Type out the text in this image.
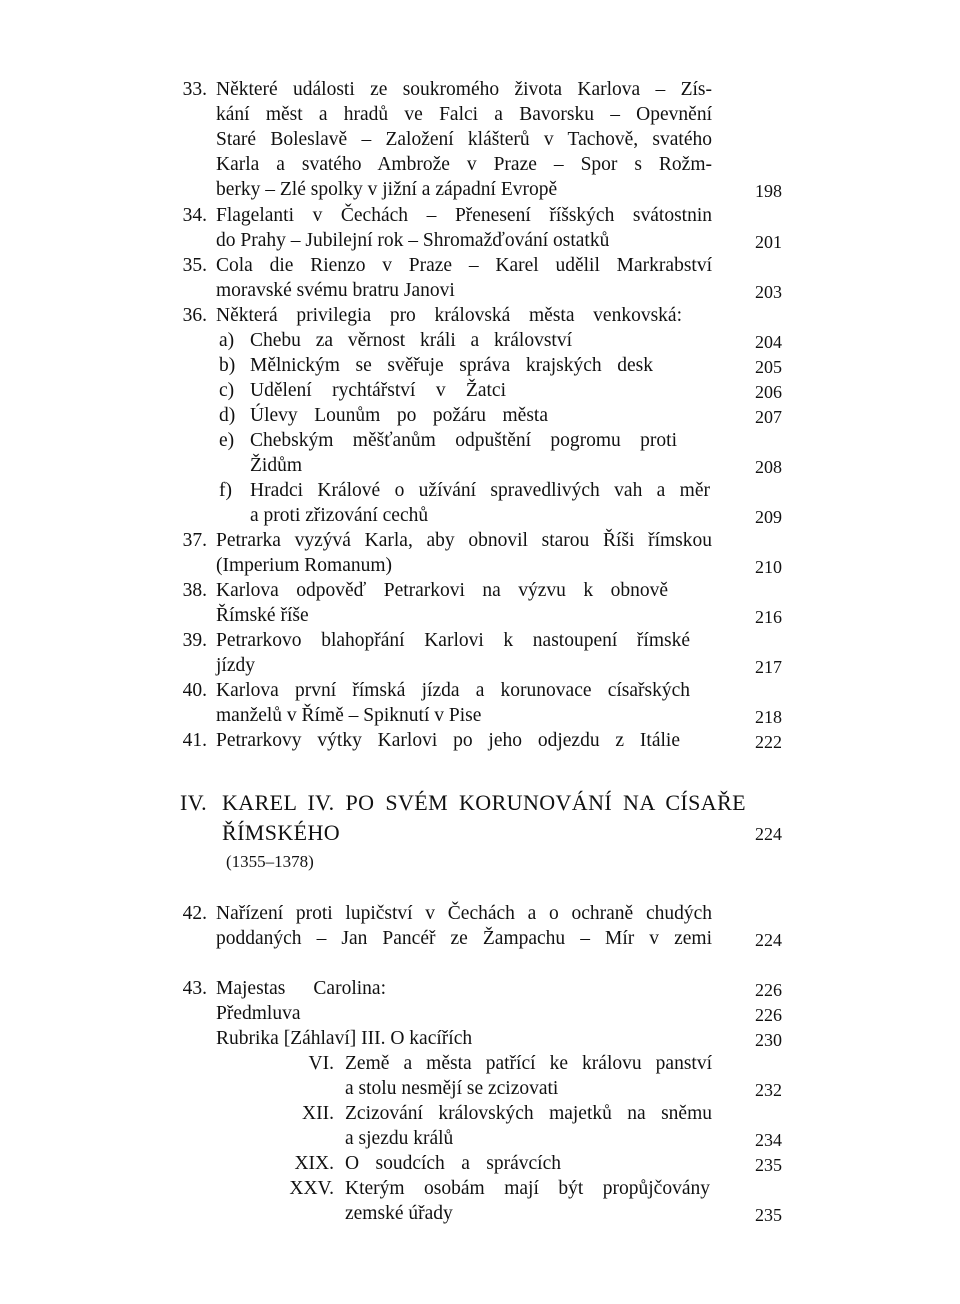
33. Některé události ze soukromého života Karlova – Zís-
kání měst a hradů ve Falci a Bavorsku – Opevnění
Staré Boleslavě – Založení klášterů v Tachově, svatého
Karla a svatého Ambrože v Praze – Spor s Rožm-
berky – Zlé spolky v jižní a západní Evropě	198
34. Flagelanti v Čechách – Přenesení říšských svátostnin
do Prahy – Jubilejní rok – Shromažďování ostatků	201
35. Cola die Rienzo v Praze – Karel udělil Markrabství
moravské svému bratru Janovi	203
36. Některá privilegia pro královská města venkovská:
a) Chebu za věrnost králi a království	204
b) Mělnickým se svěřuje správa krajských desk	205
c) Udělení rychtářství v Žatci	206
d) Úlevy Lounům po požáru města	207
e) Chebským měšťanům odpuštění pogromu proti
Židům	208
f) Hradci Králové o užívání spravedlivých vah a měr
a proti zřizování cechů	209
37. Petrarka vyzývá Karla, aby obnovil starou Říši římskou
(Imperium Romanum)	210
38. Karlova odpověď Petrarkovi na výzvu k obnově
Římské říše	216
39. Petrarkovo blahopřání Karlovi k nastoupení římské
jízdy	217
40. Karlova první římská jízda a korunovace císařských
manželů v Římě – Spiknutí v Pise	218
41. Petrarkovy výtky Karlovi po jeho odjezdu z Itálie	222
IV. KAREL IV. PO SVÉM KORUNOVÁNÍ NA CÍSAŘE
ŘÍMSKÉHO	224
(1355–1378)
42. Nařízení proti lupičství v Čechách a o ochraně chudých
poddaných – Jan Pancéř ze Žampachu – Mír v zemi	224
43. Majestas Carolina:	226
Předmluva	226
Rubrika [Záhlaví] III. O kacířích	230
VI. Země a města patřící ke královu panství
a stolu nesmějí se zcizovati	232
XII. Zcizování královských majetků na sněmu
a sjezdu králů	234
XIX. O soudcích a správcích	235
XXV. Kterým osobám mají být propůjčovány
zemské úřady	235
